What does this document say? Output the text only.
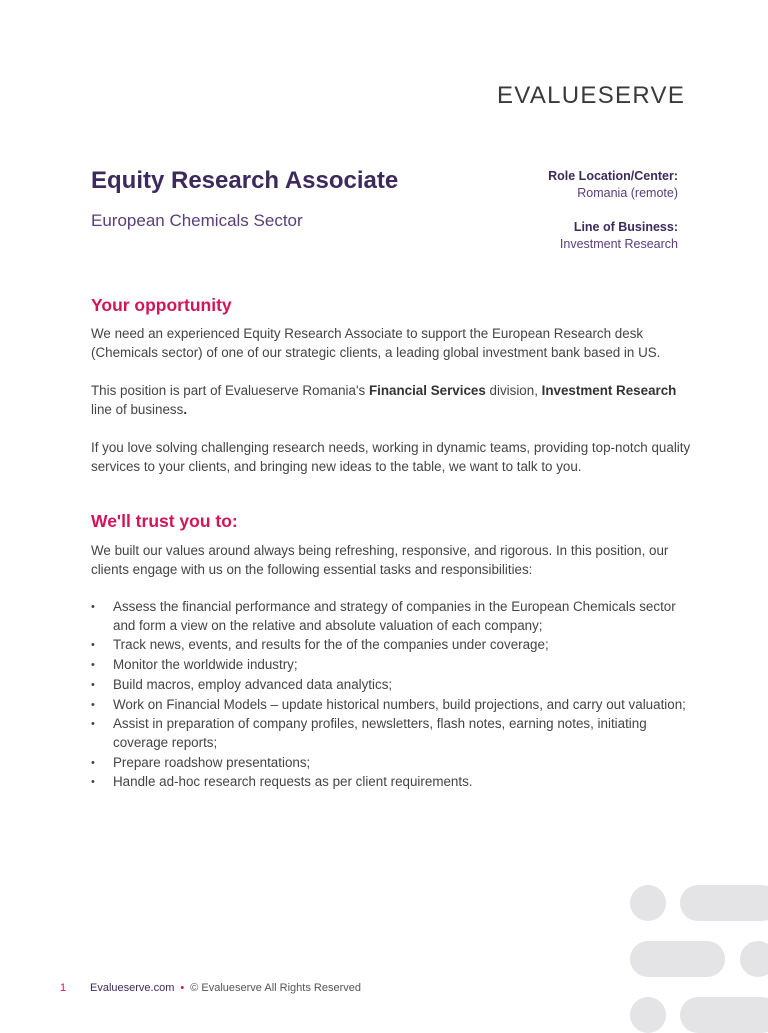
EVALUESERVE
Equity Research Associate
European Chemicals Sector
Role Location/Center:
Romania (remote)
Line of Business:
Investment Research
Your opportunity

We need an experienced Equity Research Associate to support the European Research desk (Chemicals sector) of one of our strategic clients, a leading global investment bank based in US.

This position is part of Evalueserve Romania's Financial Services division, Investment Research line of business.

If you love solving challenging research needs, working in dynamic teams, providing top-notch quality services to your clients, and bringing new ideas to the table, we want to talk to you.

We'll trust you to:

We built our values around always being refreshing, responsive, and rigorous. In this position, our clients engage with us on the following essential tasks and responsibilities:

• Assess the financial performance and strategy of companies in the European Chemicals sector and form a view on the relative and absolute valuation of each company;
• Track news, events, and results for the of the companies under coverage;
• Monitor the worldwide industry;
• Build macros, employ advanced data analytics;
• Work on Financial Models – update historical numbers, build projections, and carry out valuation;
• Assist in preparation of company profiles, newsletters, flash notes, earning notes, initiating coverage reports;
• Prepare roadshow presentations;
• Handle ad-hoc research requests as per client requirements.
1 Evalueserve.com • © Evalueserve All Rights Reserved
